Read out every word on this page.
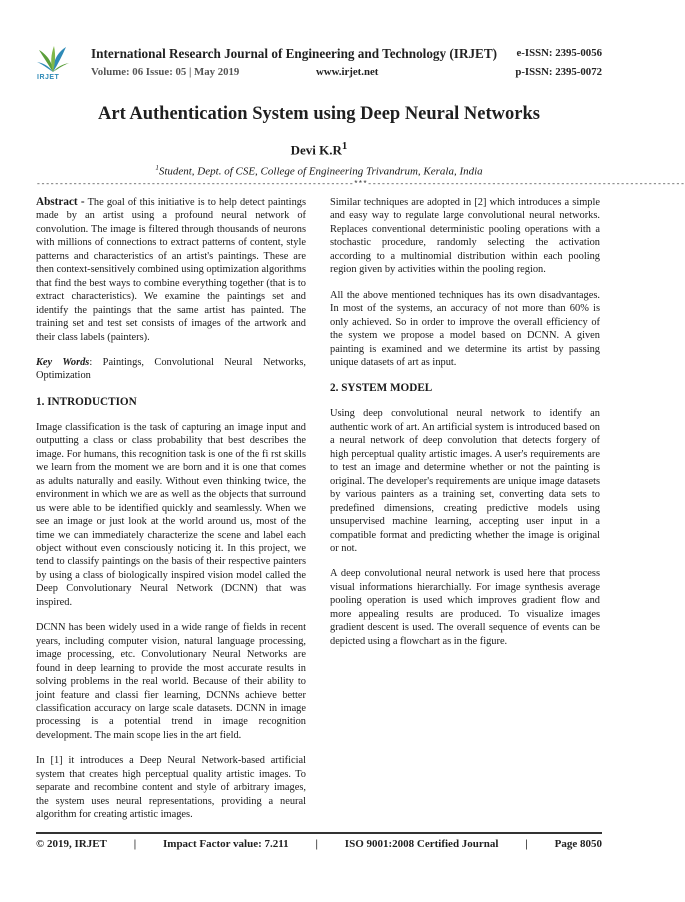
IRJET
International Research Journal of Engineering and Technology (IRJET)
Volume: 06 Issue: 05 | May 2019	www.irjet.net
e-ISSN: 2395-0056
p-ISSN: 2395-0072
Art Authentication System using Deep Neural Networks
Devi $K.R^1$
$^1$Student, Dept. of CSE, College of Engineering Trivandrum, Kerala, India
---------------------------------------------------------------------***---------------------------------------------------------------------

Abstract - The goal of this initiative is to help detect paintings made by an artist using a profound neural network of convolution. The image is filtered through thousands of neurons with millions of connections to extract patterns of content, style patterns and characteristics of an artist's paintings. These are then context-sensitively combined using optimization algorithms that find the best ways to combine everything together (that is to extract characteristics). We examine the paintings set and identify the paintings that the same artist has painted. The training set and test set consists of images of the artwork and their class labels (painters).

Key Words: Paintings, Convolutional Neural Networks, Optimization

1. INTRODUCTION

Image classification is the task of capturing an image input and outputting a class or class probability that best describes the image. For humans, this recognition task is one of the fi rst skills we learn from the moment we are born and it is one that comes as adults naturally and easily. Without even thinking twice, the environment in which we are as well as the objects that surround us were able to be identified quickly and seamlessly. When we see an image or just look at the world around us, most of the time we can immediately characterize the scene and label each object without even consciously noticing it. In this project, we tend to classify paintings on the basis of their respective painters by using a class of biologically inspired vision model called the Deep Convolutionary Neural Network (DCNN) that was inspired.

DCNN has been widely used in a wide range of fields in recent years, including computer vision, natural language processing, image processing, etc. Convolutionary Neural Networks are found in deep learning to provide the most accurate results in solving problems in the real world. Because of their ability to joint feature and classi fier learning, DCNNs achieve better classification accuracy on large scale datasets. DCNN in image processing is a potential trend in image recognition development. The main scope lies in the art field.

In [1] it introduces a Deep Neural Network-based artificial system that creates high perceptual quality artistic images. To separate and recombine content and style of arbitrary images, the system uses neural representations, providing a neural algorithm for creating artistic images.

Similar techniques are adopted in [2] which introduces a simple and easy way to regulate large convolutional neural networks. Replaces conventional deterministic pooling operations with a stochastic procedure, randomly selecting the activation according to a multinomial distribution within each pooling region given by activities within the pooling region.

All the above mentioned techniques has its own disadvantages. In most of the systems, an accuracy of not more than 60% is only achieved. So in order to improve the overall efficiency of the system we propose a model based on DCNN. A given painting is examined and we determine its artist by passing unique datasets of art as input.

2. SYSTEM MODEL

Using deep convolutional neural network to identify an authentic work of art. An artificial system is introduced based on a neural network of deep convolution that detects forgery of high perceptual quality artistic images. A user's requirements are to test an image and determine whether or not the painting is original. The developer's requirements are unique image datasets by various painters as a training set, converting data sets to predefined dimensions, creating predictive models using unsupervised machine learning, accepting user input in a compatible format and predicting whether the image is original or not.

A deep convolutional neural network is used here that process visual informations hierarchially. For image synthesis average pooling operation is used which improves gradient flow and more appealing results are produced. To visualize images gradient descent is used. The overall sequence of events can be depicted using a flowchart as in the figure.

© 2019, IRJET | Impact Factor value: 7.211 | ISO 9001:2008 Certified Journal | Page 8050
